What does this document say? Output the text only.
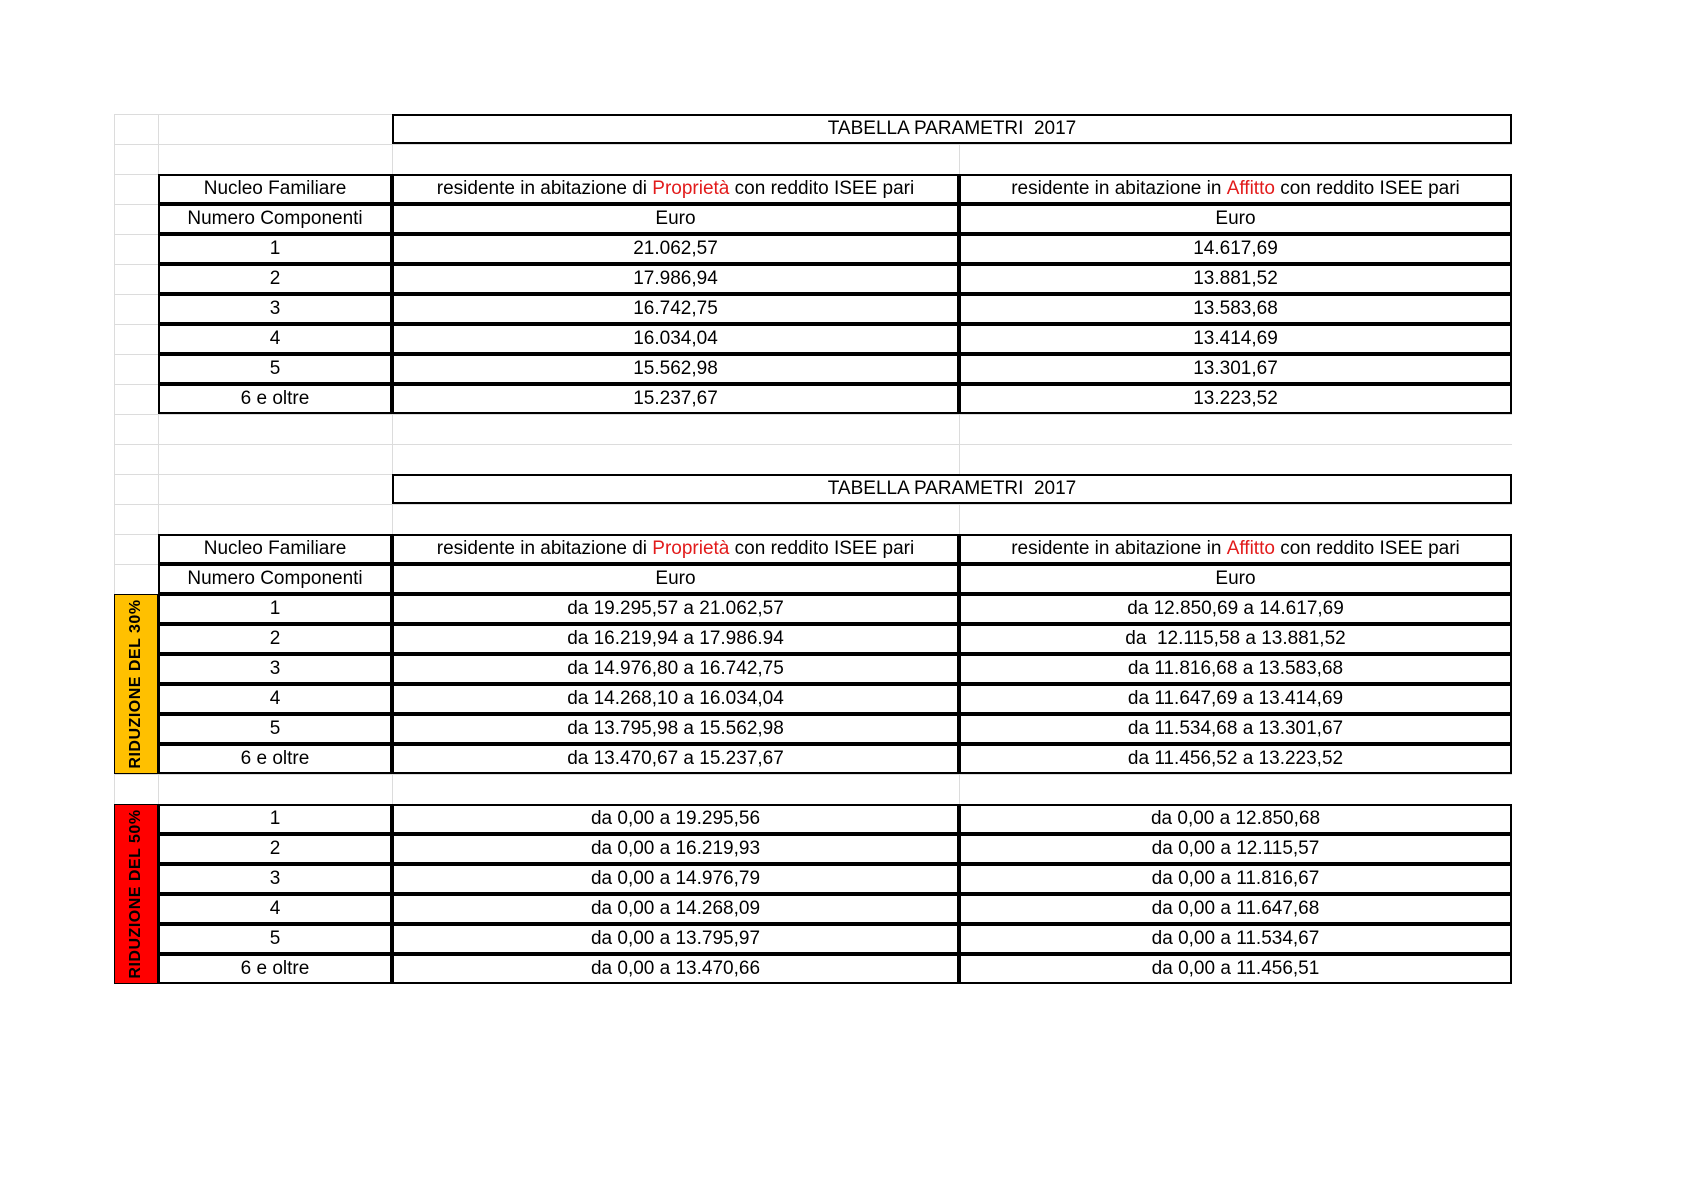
TABELLA PARAMETRI  2017
Nucleo Familiare	residente in abitazione di Proprietà con reddito ISEE pari	residente in abitazione in Affitto con reddito ISEE pari
Numero Componenti	Euro	Euro
1	21.062,57	14.617,69
2	17.986,94	13.881,52
3	16.742,75	13.583,68
4	16.034,04	13.414,69
5	15.562,98	13.301,67
6 e oltre	15.237,67	13.223,52
TABELLA PARAMETRI  2017
Nucleo Familiare	residente in abitazione di Proprietà con reddito ISEE pari	residente in abitazione in Affitto con reddito ISEE pari
Numero Componenti	Euro	Euro
RIDUZIONE DEL 30%	1	da 19.295,57 a 21.062,57	da 12.850,69 a 14.617,69
2	da 16.219,94 a 17.986.94	da  12.115,58 a 13.881,52
3	da 14.976,80 a 16.742,75	da 11.816,68 a 13.583,68
4	da 14.268,10 a 16.034,04	da 11.647,69 a 13.414,69
5	da 13.795,98 a 15.562,98	da 11.534,68 a 13.301,67
6 e oltre	da 13.470,67 a 15.237,67	da 11.456,52 a 13.223,52
RIDUZIONE DEL 50%	1	da 0,00 a 19.295,56	da 0,00 a 12.850,68
2	da 0,00 a 16.219,93	da 0,00 a 12.115,57
3	da 0,00 a 14.976,79	da 0,00 a 11.816,67
4	da 0,00 a 14.268,09	da 0,00 a 11.647,68
5	da 0,00 a 13.795,97	da 0,00 a 11.534,67
6 e oltre	da 0,00 a 13.470,66	da 0,00 a 11.456,51
